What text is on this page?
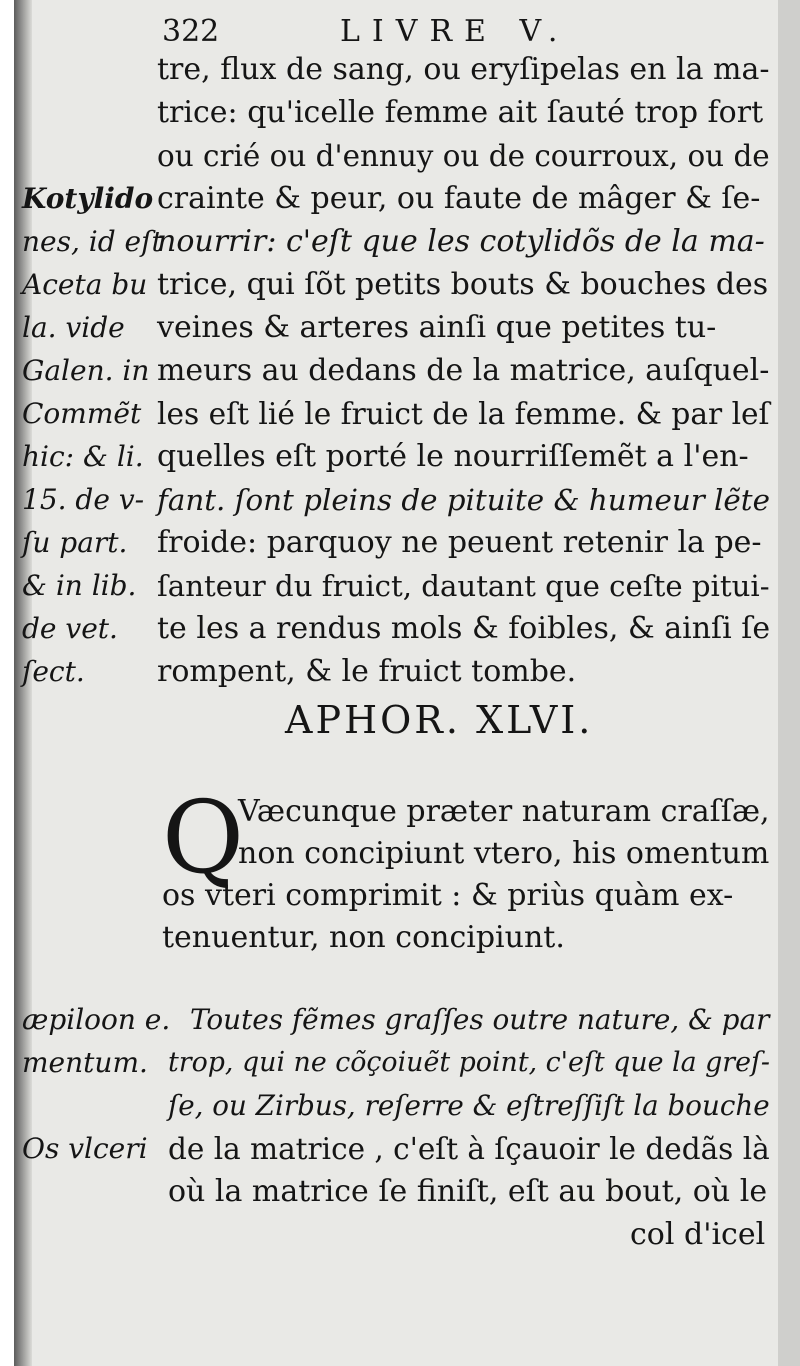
322	LIVRE V.
tre, flux de sang, ou eryſipelas en la ma-
trice: qu'icelle femme ait ſauté trop fort
ou crié ou d'ennuy ou de courroux, ou de
crainte & peur, ou faute de mâger & ſe-
nourrir: c'eſt que les cotylidõs de la ma-
trice, qui ſõt petits bouts & bouches des
veines & arteres ainſi que petites tu-
meurs au dedans de la matrice, auſquel-
les eſt lié le fruict de la femme. & par leſ
quelles eſt porté le nourriſſemẽt a l'en-
fant. ſont pleins de pituite & humeur lẽte
froide: parquoy ne peuent retenir la pe-
ſanteur du fruict, dautant que ceſte pitui-
te les a rendus mols & foibles, & ainſi ſe
rompent, & le fruict tombe.
Kotylido
nes, id eſt
Aceta bu
la. vide
Galen. in
Commẽt
hic: & li.
15. de v-
ſu part.
& in lib.
de vet.
ſect.
APHOR. XLVI.
Q
Væcunque præter naturam craſſæ,
non concipiunt vtero, his omentum
os vteri comprimit : & priùs quàm ex-
tenuentur, non concipiunt.
æpiloon e.
mentum.
Os vlceri
Toutes fẽmes graſſes outre nature, & par
trop, qui ne cõçoiuẽt point, c'eſt que la greſ-
ſe, ou Zirbus, reſerre & eſtreſſiſt la bouche
de la matrice , c'eſt à ſçauoir le dedãs là
où la matrice ſe finiſt, eſt au bout, où le
col d'icel
